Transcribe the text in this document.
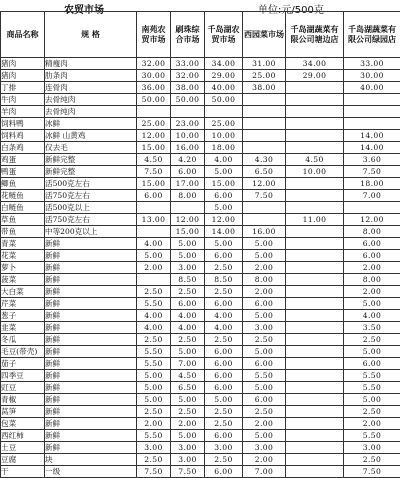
农贸市场	单位:元/500克
商品名称	规 格	南苑农贸市场	刷珠综合市场	千岛湖农贸市场	西园菜市场	千岛湖蔬菜有限公司塘边店	千岛湖蔬菜有限公司绿园店
猪肉	精瘦肉	32.00	33.00	34.00	31.00	34.00	33.00
猪肉	肋条肉	30.00	32.00	29.00	25.00	29.00	30.00
丁排	连骨肉	36.00	38.00	40.00	38.00		40.00
牛肉	去骨纯肉	50.00	50.00	50.00			
羊肉	去骨纯肉						
饲料鸭	冰鲜	25.00	23.00	25.00			
饲料鸡	冰鲜 山黄鸡	12.00	10.00	10.00			14.00
白条鸡	仅去毛	15.00	16.00	18.00			14.00
鸡蛋	新鲜完整	4.50	4.20	4.00	4.30	4.50	3.60
鸭蛋	新鲜完整	7.50	6.00	5.00	6.50	10.00	7.50
鲫鱼	活500克左右	15.00	17.00	15.00	12.00		18.00
花鲢鱼	活750克左右	6.00	8.00	6.00	7.50		7.00
白鲢鱼	活500克以上			5.00			
草鱼	活750克左右	13.00	12.00	12.00		11.00	12.00
带鱼	中等200克以上		15.00	14.00	16.00		8.00
青菜	新鲜	4.00	5.00	5.00	5.00		6.00
花菜	新鲜	5.00	5.00	6.00	5.00		6.00
萝卜	新鲜	2.00	3.00	2.50	2.00		2.00
菠菜	新鲜		8.50	8.50	8.00		8.00
大白菜	新鲜	2.50	2.50	2.50	2.00		2.00
芹菜	新鲜	5.50	6.00	6.00	6.00		5.00
葱子	新鲜	4.00	4.00	4.00	5.00		4.00
韭菜	新鲜	4.00	4.00	4.00	3.00		3.50
冬瓜	新鲜	2.50	2.50	2.50	2.50		2.50
毛豆(带壳)	新鲜	5.50	5.00	6.00	5.00		5.00
茄子	新鲜	5.50	7.00	6.00	6.00		6.00
四季豆	新鲜	5.00	4.50	6.00	5.50		5.50
豇豆	新鲜	5.00	6.50	6.00	5.00		5.50
青椒	新鲜	5.00	5.00	5.00	6.00		5.00
莴笋	新鲜	2.50	2.50	2.50	2.50		2.50
包菜	新鲜	2.00	2.00	2.50	2.00		2.00
西红柿	新鲜	5.50	5.00	6.00	5.00		5.50
土豆	新鲜	3.00	3.00	3.00	3.00		3.00
豆腐	块	2.50	3.00	2.50	2.00		2.50
干	一级	7.50	7.50	6.00	7.00		7.50
